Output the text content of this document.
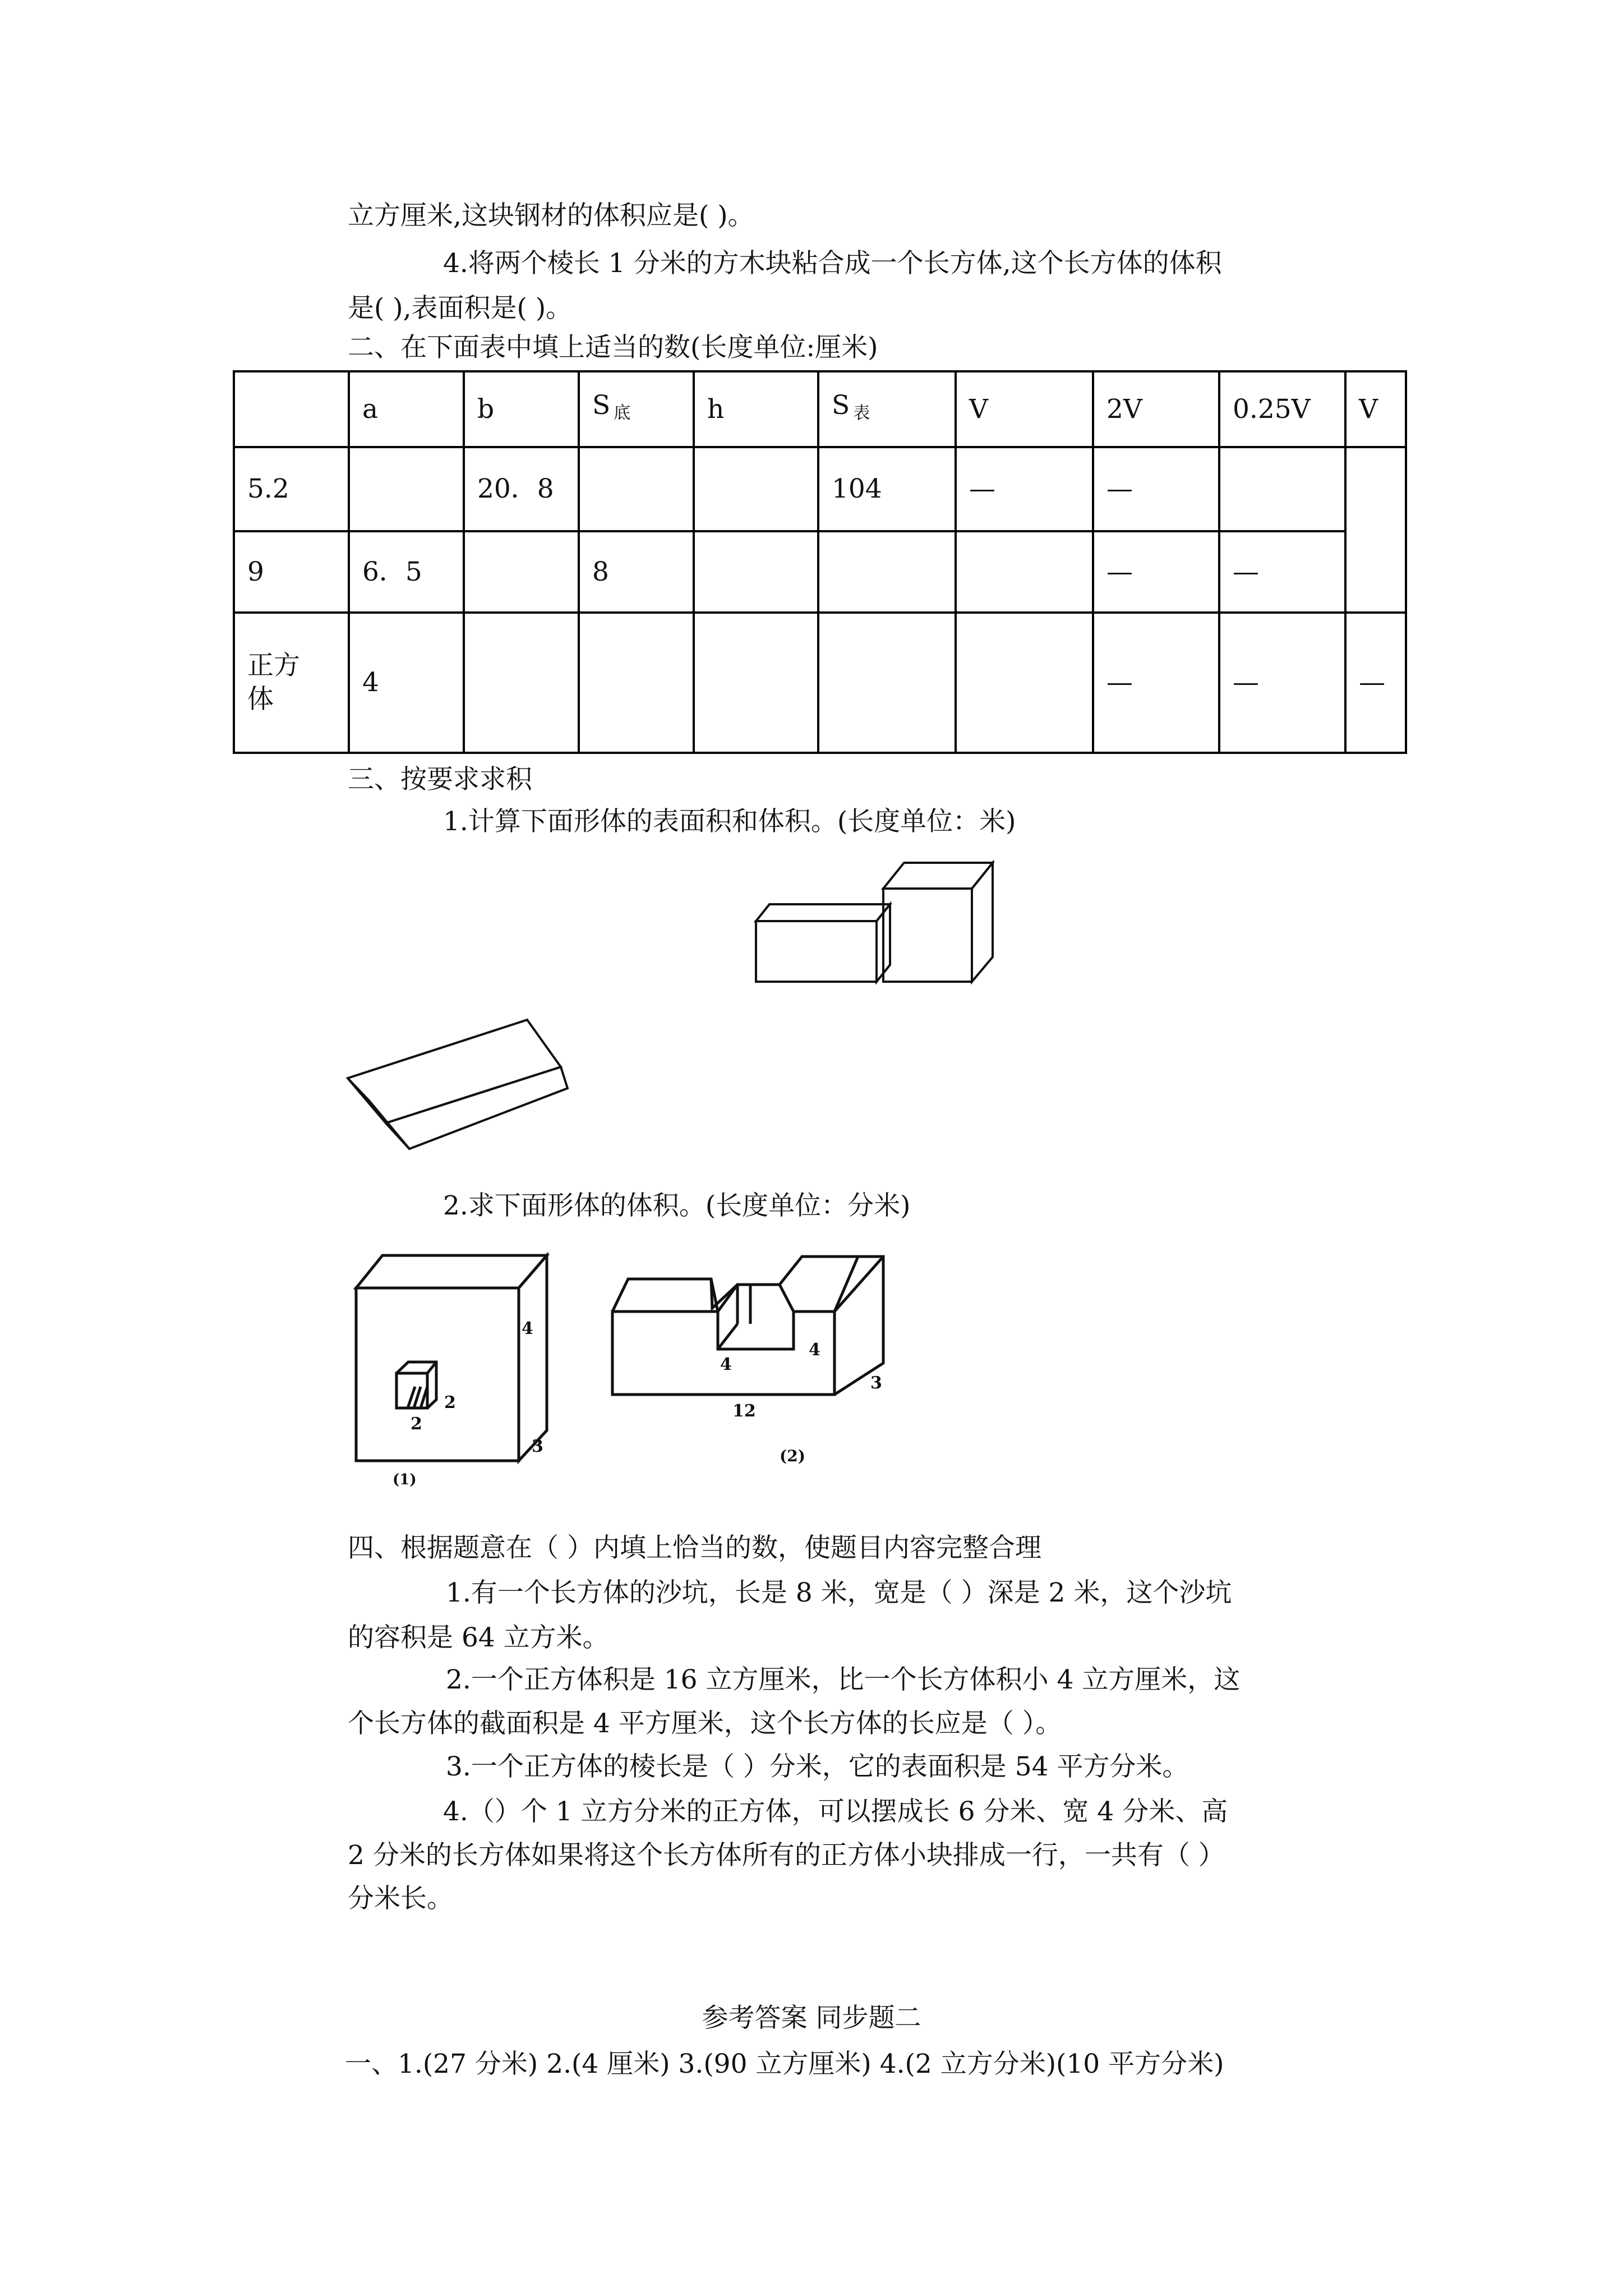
立方厘米,这块钢材的体积应是( )。
4.将两个棱长 1 分米的方木块粘合成一个长方体,这个长方体的体积
是( ),表面积是( )。
二、在下面表中填上适当的数(长度单位:厘米)
	a	b	S $_底$	h	S $_表$	V	2V	0.25V	V
5.2		20．8			104	—	—		
9	6．5		8				—	—	

正方体	4						—	—	—
三、按要求求积
1.计算下面形体的表面积和体积。(长度单位：米)
2.求下面形体的体积。(长度单位：分米)
2
2
4
3
(1)
4
4
12
3
(2)
四、根据题意在（ ）内填上恰当的数，使题目内容完整合理
1.有一个长方体的沙坑，长是 8 米，宽是（ ）深是 2 米，这个沙坑
的容积是 64 立方米。
2.一个正方体积是 16 立方厘米，比一个长方体积小 4 立方厘米，这
个长方体的截面积是 4 平方厘米，这个长方体的长应是（ ）。
3.一个正方体的棱长是（ ）分米，它的表面积是 54 平方分米。
4.（）个 1 立方分米的正方体，可以摆成长 6 分米、宽 4 分米、高
2 分米的长方体如果将这个长方体所有的正方体小块排成一行，一共有（ ）
分米长。
参考答案 同步题二
一、1.(27 分米) 2.(4 厘米) 3.(90 立方厘米) 4.(2 立方分米)(10 平方分米)
